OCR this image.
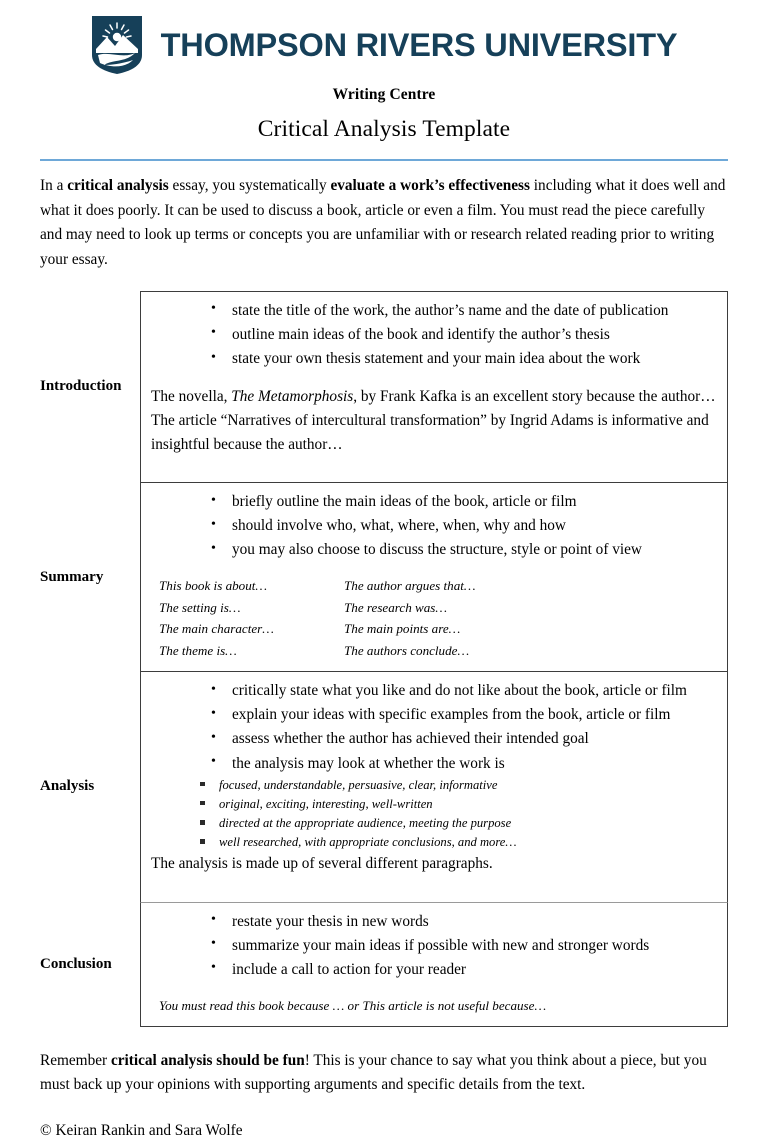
THOMPSON RIVERS UNIVERSITY
Writing Centre
Critical Analysis Template

In a critical analysis essay, you systematically evaluate a work’s effectiveness including what it does well and what it does poorly. It can be used to discuss a book, article or even a film. You must read the piece carefully and may need to look up terms or concepts you are unfamiliar with or research related reading prior to writing your essay.

Introduction
• state the title of the work, the author’s name and the date of publication
• outline main ideas of the book and identify the author’s thesis
• state your own thesis statement and your main idea about the work

The novella, The Metamorphosis, by Frank Kafka is an excellent story because the author…
The article “Narratives of intercultural transformation” by Ingrid Adams is informative and insightful because the author…

Summary
• briefly outline the main ideas of the book, article or film
• should involve who, what, where, when, why and how
• you may also choose to discuss the structure, style or point of view
This book is about…	The author argues that…
The setting is…	The research was…
The main character…	The main points are…
The theme is…	The authors conclude…
Analysis
• critically state what you like and do not like about the book, article or film
• explain your ideas with specific examples from the book, article or film
• assess whether the author has achieved their intended goal
• the analysis may look at whether the work is
focused, understandable, persuasive, clear, informative
original, exciting, interesting, well-written
directed at the appropriate audience, meeting the purpose
well researched, with appropriate conclusions, and more…

The analysis is made up of several different paragraphs.

Conclusion
• restate your thesis in new words
• summarize your main ideas if possible with new and stronger words
• include a call to action for your reader
You must read this book because … or This article is not useful because…

Remember critical analysis should be fun! This is your chance to say what you think about a piece, but you must back up your opinions with supporting arguments and specific details from the text.

© Keiran Rankin and Sara Wolfe
